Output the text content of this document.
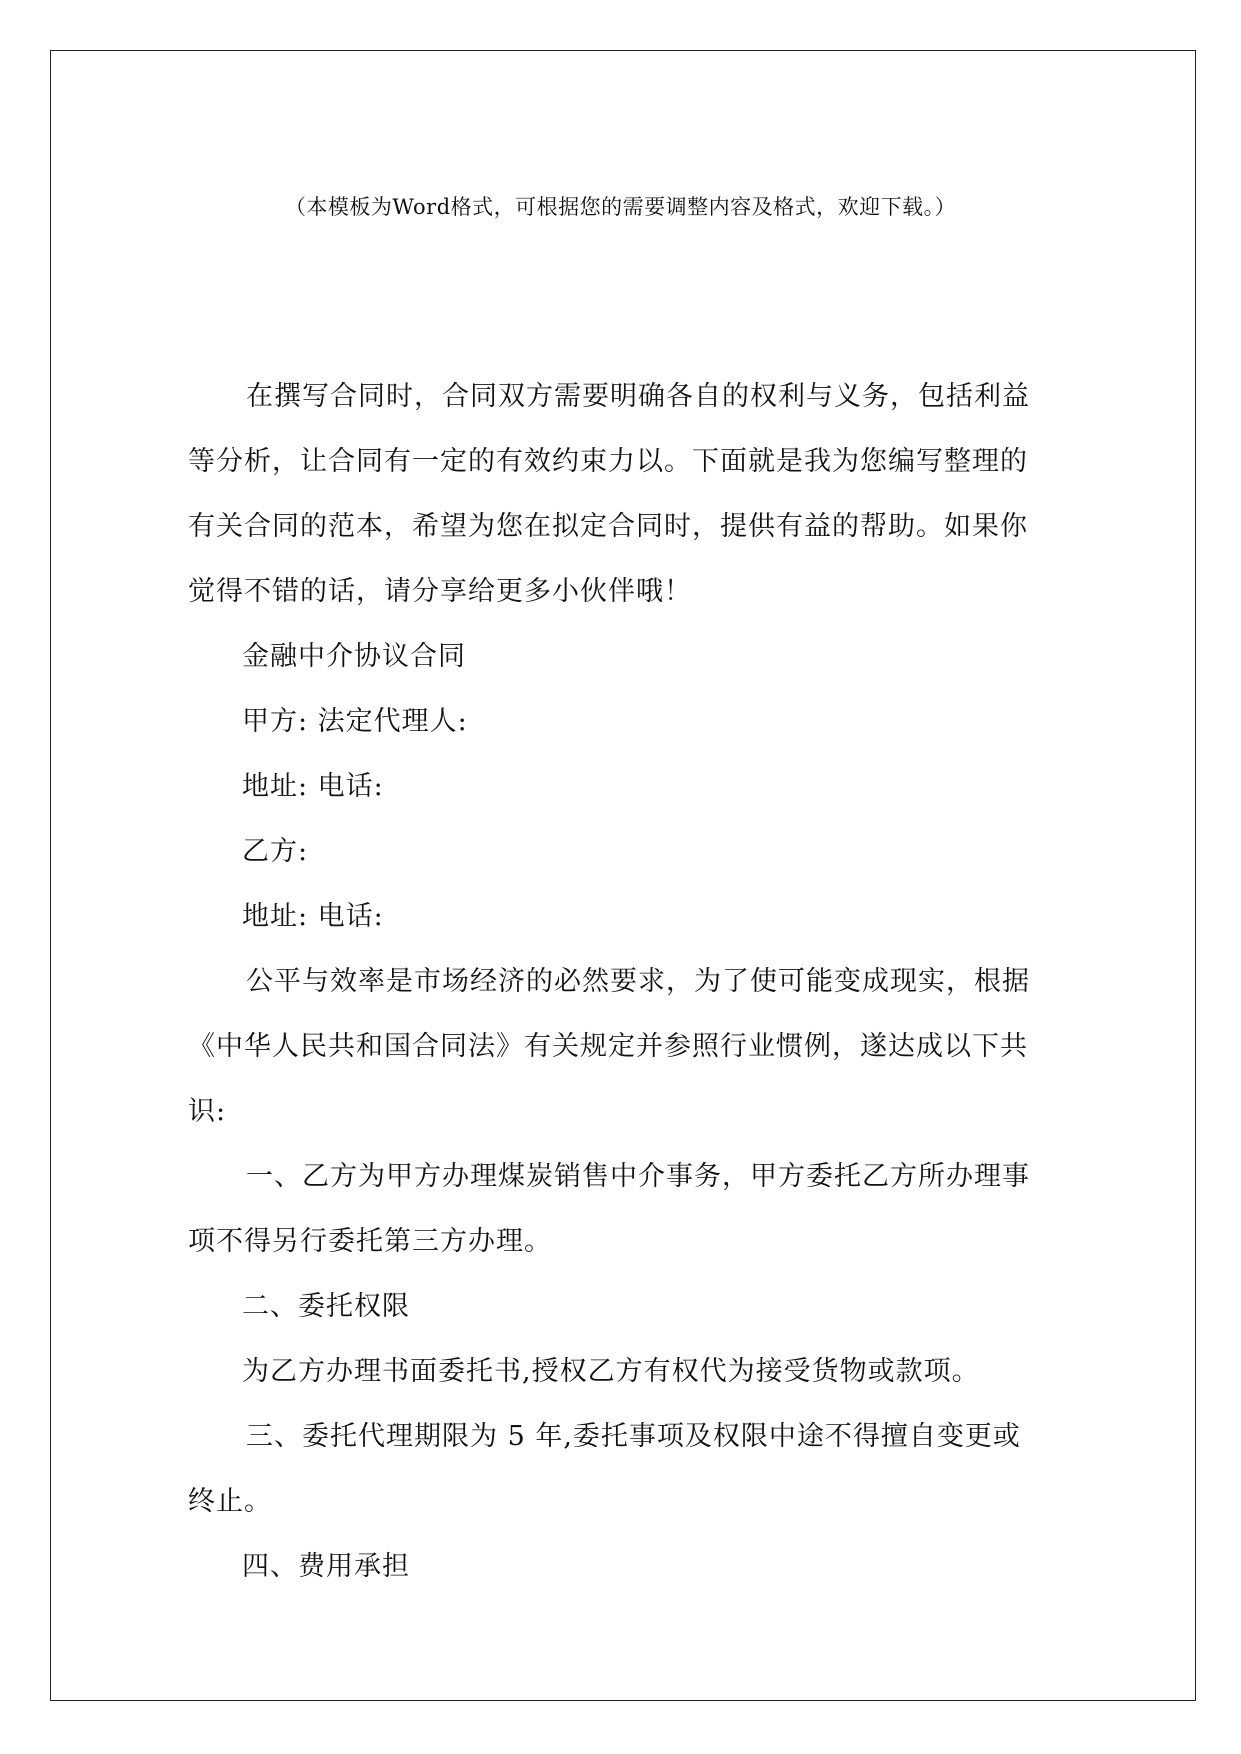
（本模板为Word格式，可根据您的需要调整内容及格式，欢迎下载。）

在撰写合同时，合同双方需要明确各自的权利与义务，包括利益
等分析，让合同有一定的有效约束力以。下面就是我为您编写整理的
有关合同的范本，希望为您在拟定合同时，提供有益的帮助。如果你
觉得不错的话，请分享给更多小伙伴哦！

金融中介协议合同

甲方: 法定代理人:

地址: 电话:

乙方:

地址: 电话:

公平与效率是市场经济的必然要求，为了使可能变成现实，根据
《中华人民共和国合同法》有关规定并参照行业惯例，遂达成以下共
识:

一、乙方为甲方办理煤炭销售中介事务，甲方委托乙方所办理事
项不得另行委托第三方办理。

二、委托权限

为乙方办理书面委托书,授权乙方有权代为接受货物或款项。

三、委托代理期限为 5 年,委托事项及权限中途不得擅自变更或
终止。

四、费用承担
